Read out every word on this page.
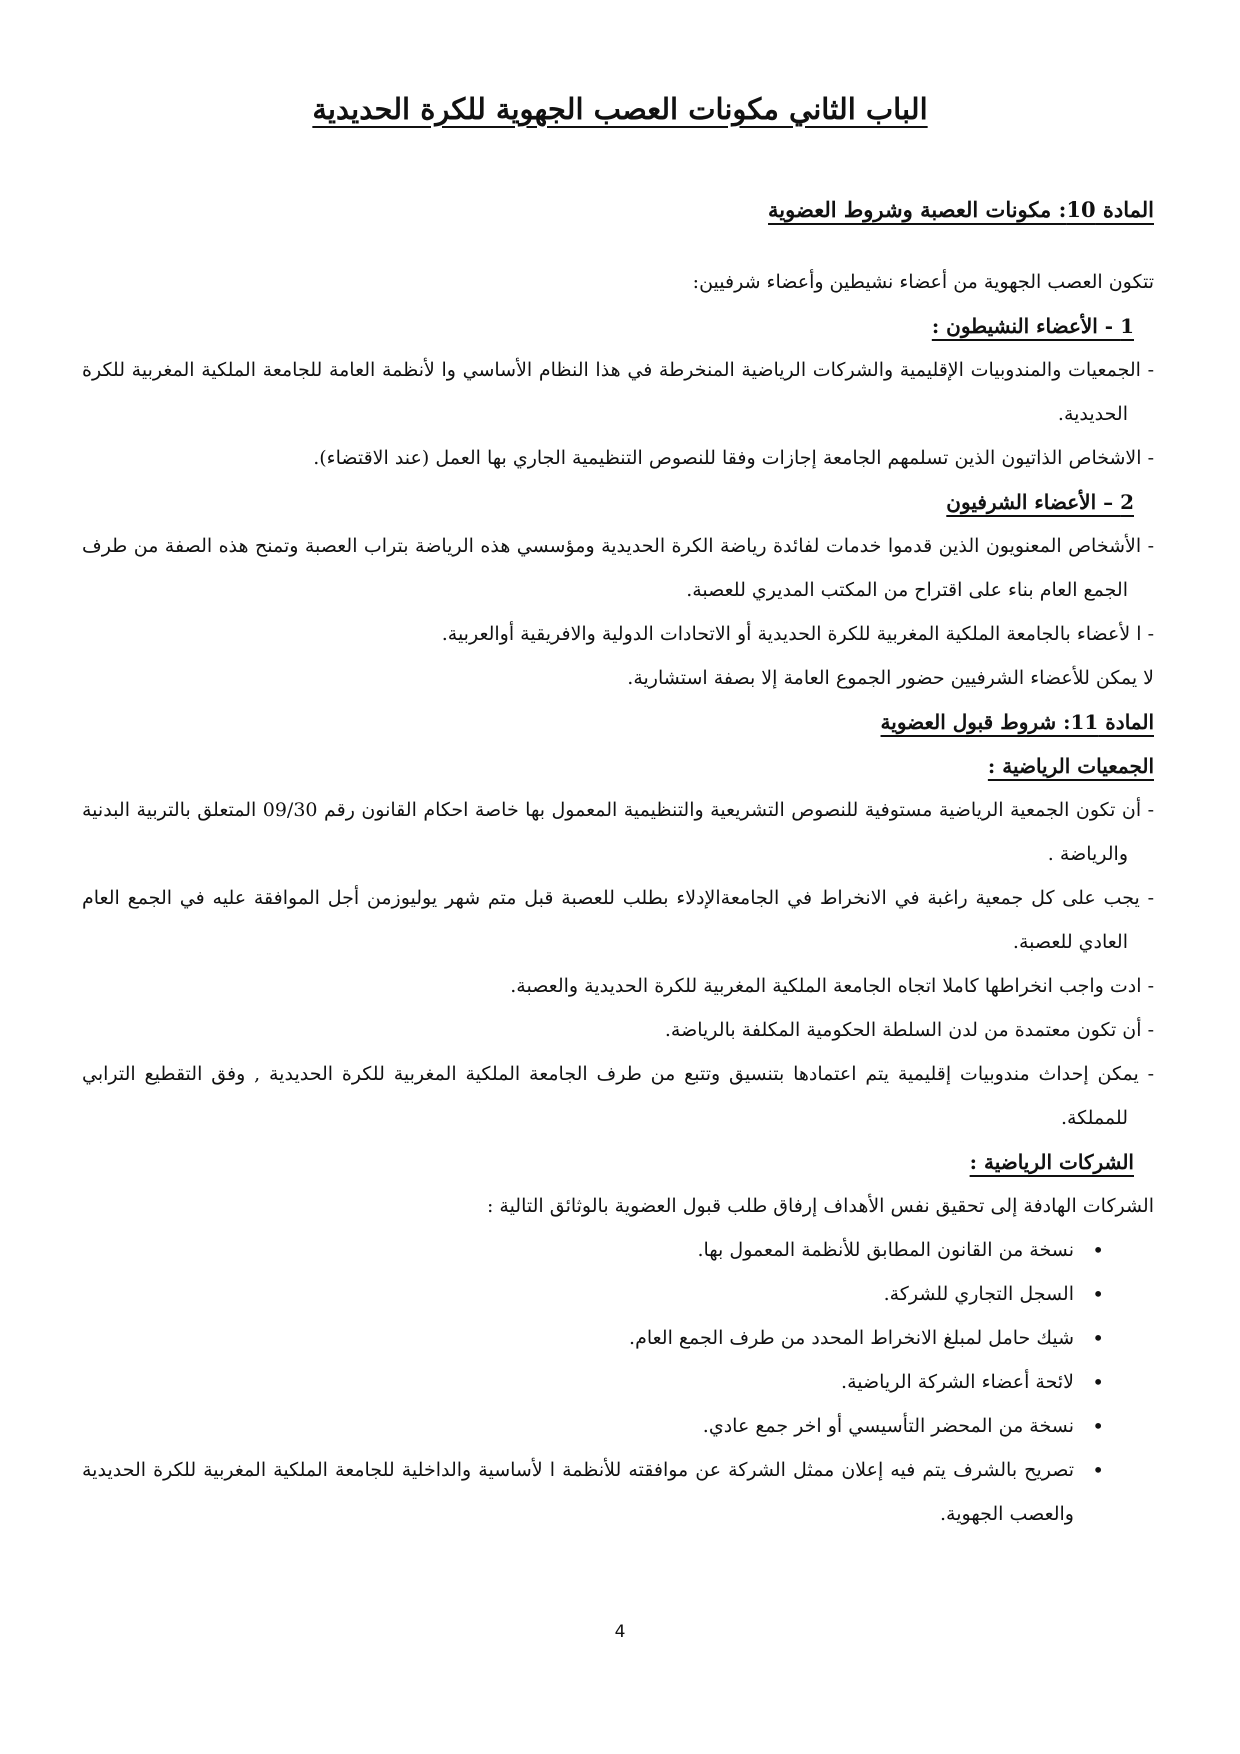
الباب الثاني مكونات العصب الجهوية للكرة الحديدية

المادة 10: مكونات العصبة وشروط العضوية

تتكون العصب الجهوية من أعضاء نشيطين وأعضاء شرفيين:

1 - الأعضاء النشيطون :

- الجمعيات والمندوبيات الإقليمية والشركات الرياضية المنخرطة في هذا النظام الأساسي وا لأنظمة العامة للجامعة الملكية المغربية للكرة الحديدية.

- الاشخاص الذاتيون الذين تسلمهم الجامعة إجازات وفقا للنصوص التنظيمية الجاري بها العمل (عند الاقتضاء).

2 – الأعضاء الشرفيون

- الأشخاص المعنويون الذين قدموا خدمات لفائدة رياضة الكرة الحديدية ومؤسسي هذه الرياضة بتراب العصبة وتمنح هذه الصفة من طرف الجمع العام بناء على اقتراح من المكتب المديري للعصبة.

- ا لأعضاء بالجامعة الملكية المغربية للكرة الحديدية أو الاتحادات الدولية والافريقية أوالعربية.

لا يمكن للأعضاء الشرفيين حضور الجموع العامة إلا بصفة استشارية.

المادة 11: شروط قبول العضوية

الجمعيات الرياضية :

- أن تكون الجمعية الرياضية مستوفية للنصوص التشريعية والتنظيمية المعمول بها خاصة احكام القانون رقم 09/30 المتعلق بالتربية البدنية والرياضة .

- يجب على كل جمعية راغبة في الانخراط في الجامعةالإدلاء بطلب للعصبة قبل متم شهر يوليوزمن أجل الموافقة عليه في الجمع العام العادي للعصبة.

- ادت واجب انخراطها كاملا اتجاه الجامعة الملكية المغربية للكرة الحديدية والعصبة.

- أن تكون معتمدة من لدن السلطة الحكومية المكلفة بالرياضة.

- يمكن إحداث مندوبيات إقليمية يتم اعتمادها بتنسيق وتتبع من طرف الجامعة الملكية المغربية للكرة الحديدية , وفق التقطيع الترابي للمملكة.

الشركات الرياضية :

الشركات الهادفة إلى تحقيق نفس الأهداف إرفاق طلب قبول العضوية بالوثائق التالية :

•
نسخة من القانون المطابق للأنظمة المعمول بها.
•
السجل التجاري للشركة.
•
شيك حامل لمبلغ الانخراط المحدد من طرف الجمع العام.
•
لائحة أعضاء الشركة الرياضية.
•
نسخة من المحضر التأسيسي أو اخر جمع عادي.
•
تصريح بالشرف يتم فيه إعلان ممثل الشركة عن موافقته للأنظمة ا لأساسية والداخلية للجامعة الملكية المغربية للكرة الحديدية والعصب الجهوية.
4
